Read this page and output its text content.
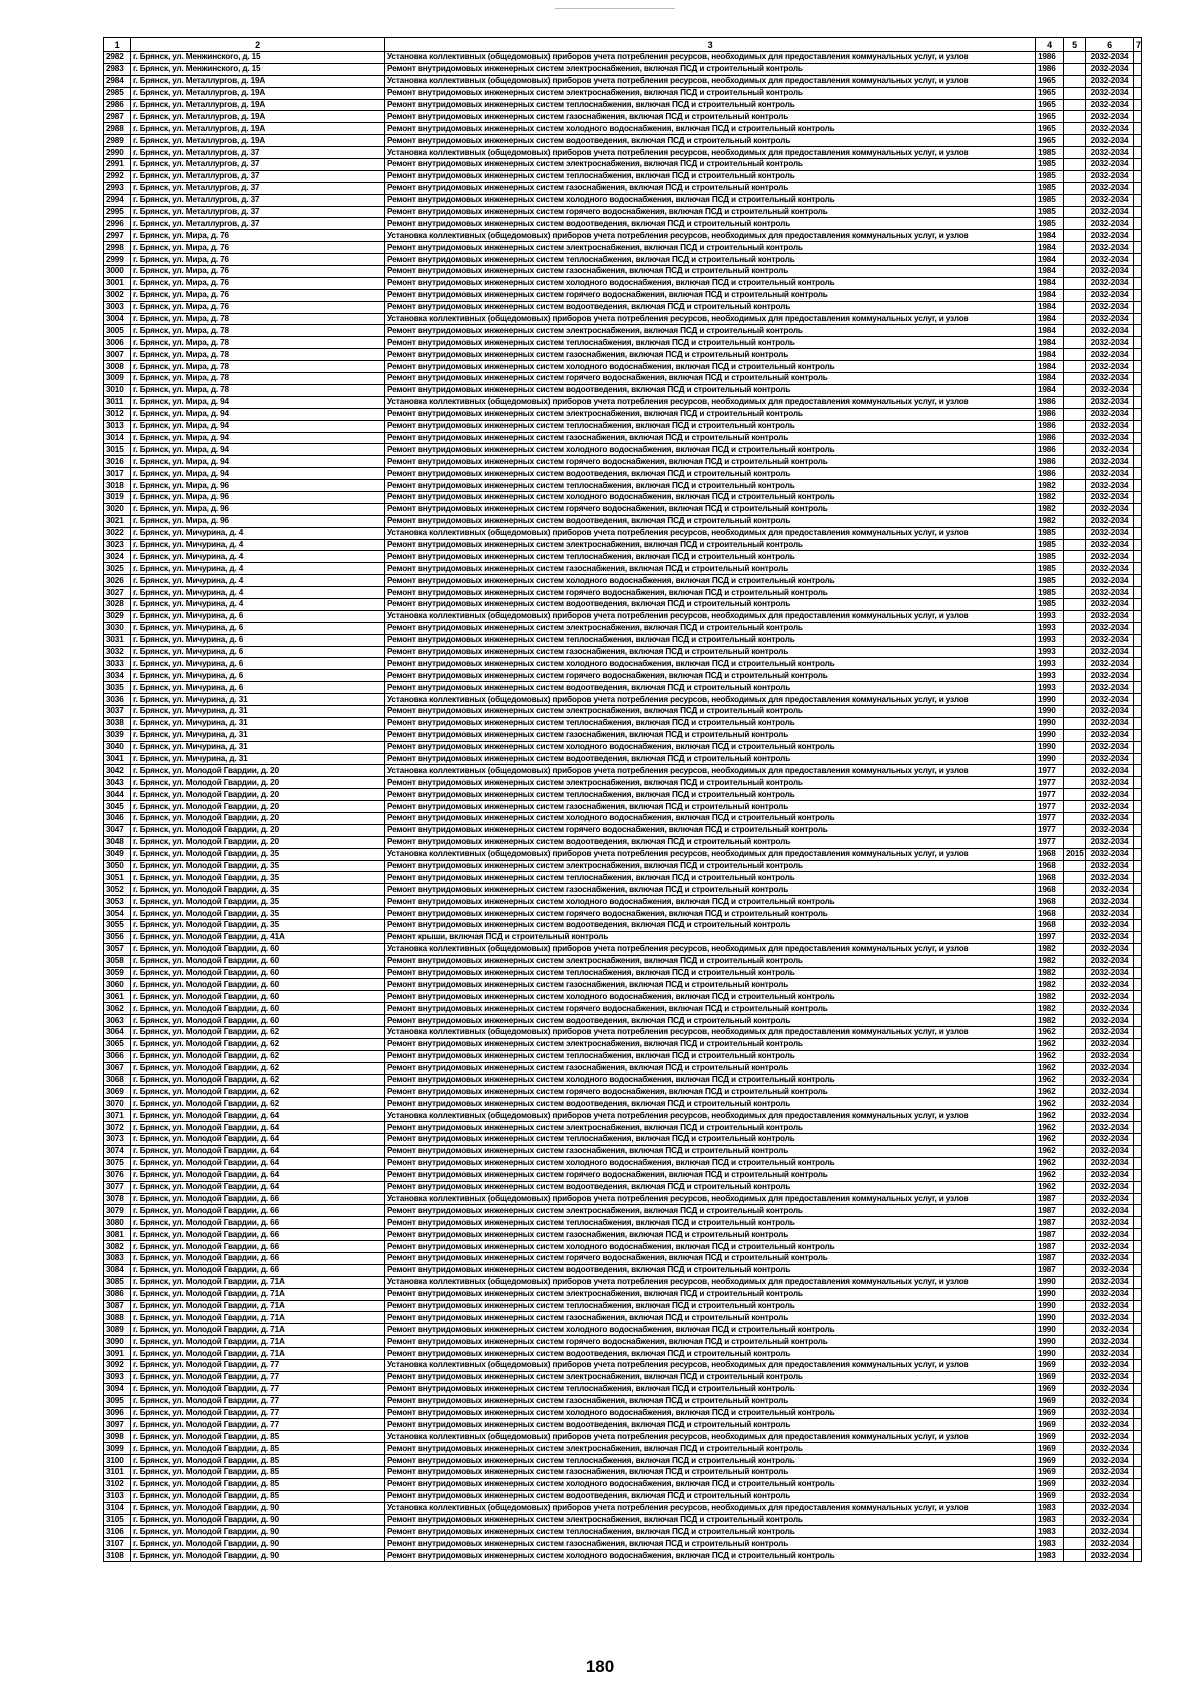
1	2	3	4	5	6	7
2982	г. Брянск, ул. Менжинского, д. 15	Установка коллективных (общедомовых) приборов учета потребления ресурсов, необходимых для предоставления коммунальных услуг, и узлов	1986		2032-2034	
2983	г. Брянск, ул. Менжинского, д. 15	Ремонт внутридомовых инженерных систем электроснабжения, включая ПСД и строительный контроль	1986		2032-2034	
2984	г. Брянск, ул. Металлургов, д. 19А	Установка коллективных (общедомовых) приборов учета потребления ресурсов, необходимых для предоставления коммунальных услуг, и узлов	1965		2032-2034	
2985	г. Брянск, ул. Металлургов, д. 19А	Ремонт внутридомовых инженерных систем электроснабжения, включая ПСД и строительный контроль	1965		2032-2034	
2986	г. Брянск, ул. Металлургов, д. 19А	Ремонт внутридомовых инженерных систем теплоснабжения, включая ПСД и строительный контроль	1965		2032-2034	
2987	г. Брянск, ул. Металлургов, д. 19А	Ремонт внутридомовых инженерных систем газоснабжения, включая ПСД и строительный контроль	1965		2032-2034	
2988	г. Брянск, ул. Металлургов, д. 19А	Ремонт внутридомовых инженерных систем холодного водоснабжения, включая ПСД и строительный контроль	1965		2032-2034	
2989	г. Брянск, ул. Металлургов, д. 19А	Ремонт внутридомовых инженерных систем водоотведения, включая ПСД и строительный контроль	1965		2032-2034	
2990	г. Брянск, ул. Металлургов, д. 37	Установка коллективных (общедомовых) приборов учета потребления ресурсов, необходимых для предоставления коммунальных услуг, и узлов	1985		2032-2034	
2991	г. Брянск, ул. Металлургов, д. 37	Ремонт внутридомовых инженерных систем электроснабжения, включая ПСД и строительный контроль	1985		2032-2034	
2992	г. Брянск, ул. Металлургов, д. 37	Ремонт внутридомовых инженерных систем теплоснабжения, включая ПСД и строительный контроль	1985		2032-2034	
2993	г. Брянск, ул. Металлургов, д. 37	Ремонт внутридомовых инженерных систем газоснабжения, включая ПСД и строительный контроль	1985		2032-2034	
2994	г. Брянск, ул. Металлургов, д. 37	Ремонт внутридомовых инженерных систем холодного водоснабжения, включая ПСД и строительный контроль	1985		2032-2034	
2995	г. Брянск, ул. Металлургов, д. 37	Ремонт внутридомовых инженерных систем горячего водоснабжения, включая ПСД и строительный контроль	1985		2032-2034	
2996	г. Брянск, ул. Металлургов, д. 37	Ремонт внутридомовых инженерных систем водоотведения, включая ПСД и строительный контроль	1985		2032-2034	
2997	г. Брянск, ул. Мира, д. 76	Установка коллективных (общедомовых) приборов учета потребления ресурсов, необходимых для предоставления коммунальных услуг, и узлов	1984		2032-2034	
2998	г. Брянск, ул. Мира, д. 76	Ремонт внутридомовых инженерных систем электроснабжения, включая ПСД и строительный контроль	1984		2032-2034	
2999	г. Брянск, ул. Мира, д. 76	Ремонт внутридомовых инженерных систем теплоснабжения, включая ПСД и строительный контроль	1984		2032-2034	
3000	г. Брянск, ул. Мира, д. 76	Ремонт внутридомовых инженерных систем газоснабжения, включая ПСД и строительный контроль	1984		2032-2034	
3001	г. Брянск, ул. Мира, д. 76	Ремонт внутридомовых инженерных систем холодного водоснабжения, включая ПСД и строительный контроль	1984		2032-2034	
3002	г. Брянск, ул. Мира, д. 76	Ремонт внутридомовых инженерных систем горячего водоснабжения, включая ПСД и строительный контроль	1984		2032-2034	
3003	г. Брянск, ул. Мира, д. 76	Ремонт внутридомовых инженерных систем водоотведения, включая ПСД и строительный контроль	1984		2032-2034	
3004	г. Брянск, ул. Мира, д. 78	Установка коллективных (общедомовых) приборов учета потребления ресурсов, необходимых для предоставления коммунальных услуг, и узлов	1984		2032-2034	
3005	г. Брянск, ул. Мира, д. 78	Ремонт внутридомовых инженерных систем электроснабжения, включая ПСД и строительный контроль	1984		2032-2034	
3006	г. Брянск, ул. Мира, д. 78	Ремонт внутридомовых инженерных систем теплоснабжения, включая ПСД и строительный контроль	1984		2032-2034	
3007	г. Брянск, ул. Мира, д. 78	Ремонт внутридомовых инженерных систем газоснабжения, включая ПСД и строительный контроль	1984		2032-2034	
3008	г. Брянск, ул. Мира, д. 78	Ремонт внутридомовых инженерных систем холодного водоснабжения, включая ПСД и строительный контроль	1984		2032-2034	
3009	г. Брянск, ул. Мира, д. 78	Ремонт внутридомовых инженерных систем горячего водоснабжения, включая ПСД и строительный контроль	1984		2032-2034	
3010	г. Брянск, ул. Мира, д. 78	Ремонт внутридомовых инженерных систем водоотведения, включая ПСД и строительный контроль	1984		2032-2034	
3011	г. Брянск, ул. Мира, д. 94	Установка коллективных (общедомовых) приборов учета потребления ресурсов, необходимых для предоставления коммунальных услуг, и узлов	1986		2032-2034	
3012	г. Брянск, ул. Мира, д. 94	Ремонт внутридомовых инженерных систем электроснабжения, включая ПСД и строительный контроль	1986		2032-2034	
3013	г. Брянск, ул. Мира, д. 94	Ремонт внутридомовых инженерных систем теплоснабжения, включая ПСД и строительный контроль	1986		2032-2034	
3014	г. Брянск, ул. Мира, д. 94	Ремонт внутридомовых инженерных систем газоснабжения, включая ПСД и строительный контроль	1986		2032-2034	
3015	г. Брянск, ул. Мира, д. 94	Ремонт внутридомовых инженерных систем холодного водоснабжения, включая ПСД и строительный контроль	1986		2032-2034	
3016	г. Брянск, ул. Мира, д. 94	Ремонт внутридомовых инженерных систем горячего водоснабжения, включая ПСД и строительный контроль	1986		2032-2034	
3017	г. Брянск, ул. Мира, д. 94	Ремонт внутридомовых инженерных систем водоотведения, включая ПСД и строительный контроль	1986		2032-2034	
3018	г. Брянск, ул. Мира, д. 96	Ремонт внутридомовых инженерных систем теплоснабжения, включая ПСД и строительный контроль	1982		2032-2034	
3019	г. Брянск, ул. Мира, д. 96	Ремонт внутридомовых инженерных систем холодного водоснабжения, включая ПСД и строительный контроль	1982		2032-2034	
3020	г. Брянск, ул. Мира, д. 96	Ремонт внутридомовых инженерных систем горячего водоснабжения, включая ПСД и строительный контроль	1982		2032-2034	
3021	г. Брянск, ул. Мира, д. 96	Ремонт внутридомовых инженерных систем водоотведения, включая ПСД и строительный контроль	1982		2032-2034	
3022	г. Брянск, ул. Мичурина, д. 4	Установка коллективных (общедомовых) приборов учета потребления ресурсов, необходимых для предоставления коммунальных услуг, и узлов	1985		2032-2034	
3023	г. Брянск, ул. Мичурина, д. 4	Ремонт внутридомовых инженерных систем электроснабжения, включая ПСД и строительный контроль	1985		2032-2034	
3024	г. Брянск, ул. Мичурина, д. 4	Ремонт внутридомовых инженерных систем теплоснабжения, включая ПСД и строительный контроль	1985		2032-2034	
3025	г. Брянск, ул. Мичурина, д. 4	Ремонт внутридомовых инженерных систем газоснабжения, включая ПСД и строительный контроль	1985		2032-2034	
3026	г. Брянск, ул. Мичурина, д. 4	Ремонт внутридомовых инженерных систем холодного водоснабжения, включая ПСД и строительный контроль	1985		2032-2034	
3027	г. Брянск, ул. Мичурина, д. 4	Ремонт внутридомовых инженерных систем горячего водоснабжения, включая ПСД и строительный контроль	1985		2032-2034	
3028	г. Брянск, ул. Мичурина, д. 4	Ремонт внутридомовых инженерных систем водоотведения, включая ПСД и строительный контроль	1985		2032-2034	
3029	г. Брянск, ул. Мичурина, д. 6	Установка коллективных (общедомовых) приборов учета потребления ресурсов, необходимых для предоставления коммунальных услуг, и узлов	1993		2032-2034	
3030	г. Брянск, ул. Мичурина, д. 6	Ремонт внутридомовых инженерных систем электроснабжения, включая ПСД и строительный контроль	1993		2032-2034	
3031	г. Брянск, ул. Мичурина, д. 6	Ремонт внутридомовых инженерных систем теплоснабжения, включая ПСД и строительный контроль	1993		2032-2034	
3032	г. Брянск, ул. Мичурина, д. 6	Ремонт внутридомовых инженерных систем газоснабжения, включая ПСД и строительный контроль	1993		2032-2034	
3033	г. Брянск, ул. Мичурина, д. 6	Ремонт внутридомовых инженерных систем холодного водоснабжения, включая ПСД и строительный контроль	1993		2032-2034	
3034	г. Брянск, ул. Мичурина, д. 6	Ремонт внутридомовых инженерных систем горячего водоснабжения, включая ПСД и строительный контроль	1993		2032-2034	
3035	г. Брянск, ул. Мичурина, д. 6	Ремонт внутридомовых инженерных систем водоотведения, включая ПСД и строительный контроль	1993		2032-2034	
3036	г. Брянск, ул. Мичурина, д. 31	Установка коллективных (общедомовых) приборов учета потребления ресурсов, необходимых для предоставления коммунальных услуг, и узлов	1990		2032-2034	
3037	г. Брянск, ул. Мичурина, д. 31	Ремонт внутридомовых инженерных систем электроснабжения, включая ПСД и строительный контроль	1990		2032-2034	
3038	г. Брянск, ул. Мичурина, д. 31	Ремонт внутридомовых инженерных систем теплоснабжения, включая ПСД и строительный контроль	1990		2032-2034	
3039	г. Брянск, ул. Мичурина, д. 31	Ремонт внутридомовых инженерных систем газоснабжения, включая ПСД и строительный контроль	1990		2032-2034	
3040	г. Брянск, ул. Мичурина, д. 31	Ремонт внутридомовых инженерных систем холодного водоснабжения, включая ПСД и строительный контроль	1990		2032-2034	
3041	г. Брянск, ул. Мичурина, д. 31	Ремонт внутридомовых инженерных систем водоотведения, включая ПСД и строительный контроль	1990		2032-2034	
3042	г. Брянск, ул. Молодой Гвардии, д. 20	Установка коллективных (общедомовых) приборов учета потребления ресурсов, необходимых для предоставления коммунальных услуг, и узлов	1977		2032-2034	
3043	г. Брянск, ул. Молодой Гвардии, д. 20	Ремонт внутридомовых инженерных систем электроснабжения, включая ПСД и строительный контроль	1977		2032-2034	
3044	г. Брянск, ул. Молодой Гвардии, д. 20	Ремонт внутридомовых инженерных систем теплоснабжения, включая ПСД и строительный контроль	1977		2032-2034	
3045	г. Брянск, ул. Молодой Гвардии, д. 20	Ремонт внутридомовых инженерных систем газоснабжения, включая ПСД и строительный контроль	1977		2032-2034	
3046	г. Брянск, ул. Молодой Гвардии, д. 20	Ремонт внутридомовых инженерных систем холодного водоснабжения, включая ПСД и строительный контроль	1977		2032-2034	
3047	г. Брянск, ул. Молодой Гвардии, д. 20	Ремонт внутридомовых инженерных систем горячего водоснабжения, включая ПСД и строительный контроль	1977		2032-2034	
3048	г. Брянск, ул. Молодой Гвардии, д. 20	Ремонт внутридомовых инженерных систем водоотведения, включая ПСД и строительный контроль	1977		2032-2034	
3049	г. Брянск, ул. Молодой Гвардии, д. 35	Установка коллективных (общедомовых) приборов учета потребления ресурсов, необходимых для предоставления коммунальных услуг, и узлов	1968	2015	2032-2034	
3050	г. Брянск, ул. Молодой Гвардии, д. 35	Ремонт внутридомовых инженерных систем электроснабжения, включая ПСД и строительный контроль	1968		2032-2034	
3051	г. Брянск, ул. Молодой Гвардии, д. 35	Ремонт внутридомовых инженерных систем теплоснабжения, включая ПСД и строительный контроль	1968		2032-2034	
3052	г. Брянск, ул. Молодой Гвардии, д. 35	Ремонт внутридомовых инженерных систем газоснабжения, включая ПСД и строительный контроль	1968		2032-2034	
3053	г. Брянск, ул. Молодой Гвардии, д. 35	Ремонт внутридомовых инженерных систем холодного водоснабжения, включая ПСД и строительный контроль	1968		2032-2034	
3054	г. Брянск, ул. Молодой Гвардии, д. 35	Ремонт внутридомовых инженерных систем горячего водоснабжения, включая ПСД и строительный контроль	1968		2032-2034	
3055	г. Брянск, ул. Молодой Гвардии, д. 35	Ремонт внутридомовых инженерных систем водоотведения, включая ПСД и строительный контроль	1968		2032-2034	
3056	г. Брянск, ул. Молодой Гвардии, д. 41А	Ремонт крыши, включая ПСД и строительный контроль	1997		2032-2034	
3057	г. Брянск, ул. Молодой Гвардии, д. 60	Установка коллективных (общедомовых) приборов учета потребления ресурсов, необходимых для предоставления коммунальных услуг, и узлов	1982		2032-2034	
3058	г. Брянск, ул. Молодой Гвардии, д. 60	Ремонт внутридомовых инженерных систем электроснабжения, включая ПСД и строительный контроль	1982		2032-2034	
3059	г. Брянск, ул. Молодой Гвардии, д. 60	Ремонт внутридомовых инженерных систем теплоснабжения, включая ПСД и строительный контроль	1982		2032-2034	
3060	г. Брянск, ул. Молодой Гвардии, д. 60	Ремонт внутридомовых инженерных систем газоснабжения, включая ПСД и строительный контроль	1982		2032-2034	
3061	г. Брянск, ул. Молодой Гвардии, д. 60	Ремонт внутридомовых инженерных систем холодного водоснабжения, включая ПСД и строительный контроль	1982		2032-2034	
3062	г. Брянск, ул. Молодой Гвардии, д. 60	Ремонт внутридомовых инженерных систем горячего водоснабжения, включая ПСД и строительный контроль	1982		2032-2034	
3063	г. Брянск, ул. Молодой Гвардии, д. 60	Ремонт внутридомовых инженерных систем водоотведения, включая ПСД и строительный контроль	1982		2032-2034	
3064	г. Брянск, ул. Молодой Гвардии, д. 62	Установка коллективных (общедомовых) приборов учета потребления ресурсов, необходимых для предоставления коммунальных услуг, и узлов	1962		2032-2034	
3065	г. Брянск, ул. Молодой Гвардии, д. 62	Ремонт внутридомовых инженерных систем электроснабжения, включая ПСД и строительный контроль	1962		2032-2034	
3066	г. Брянск, ул. Молодой Гвардии, д. 62	Ремонт внутридомовых инженерных систем теплоснабжения, включая ПСД и строительный контроль	1962		2032-2034	
3067	г. Брянск, ул. Молодой Гвардии, д. 62	Ремонт внутридомовых инженерных систем газоснабжения, включая ПСД и строительный контроль	1962		2032-2034	
3068	г. Брянск, ул. Молодой Гвардии, д. 62	Ремонт внутридомовых инженерных систем холодного водоснабжения, включая ПСД и строительный контроль	1962		2032-2034	
3069	г. Брянск, ул. Молодой Гвардии, д. 62	Ремонт внутридомовых инженерных систем горячего водоснабжения, включая ПСД и строительный контроль	1962		2032-2034	
3070	г. Брянск, ул. Молодой Гвардии, д. 62	Ремонт внутридомовых инженерных систем водоотведения, включая ПСД и строительный контроль	1962		2032-2034	
3071	г. Брянск, ул. Молодой Гвардии, д. 64	Установка коллективных (общедомовых) приборов учета потребления ресурсов, необходимых для предоставления коммунальных услуг, и узлов	1962		2032-2034	
3072	г. Брянск, ул. Молодой Гвардии, д. 64	Ремонт внутридомовых инженерных систем электроснабжения, включая ПСД и строительный контроль	1962		2032-2034	
3073	г. Брянск, ул. Молодой Гвардии, д. 64	Ремонт внутридомовых инженерных систем теплоснабжения, включая ПСД и строительный контроль	1962		2032-2034	
3074	г. Брянск, ул. Молодой Гвардии, д. 64	Ремонт внутридомовых инженерных систем газоснабжения, включая ПСД и строительный контроль	1962		2032-2034	
3075	г. Брянск, ул. Молодой Гвардии, д. 64	Ремонт внутридомовых инженерных систем холодного водоснабжения, включая ПСД и строительный контроль	1962		2032-2034	
3076	г. Брянск, ул. Молодой Гвардии, д. 64	Ремонт внутридомовых инженерных систем горячего водоснабжения, включая ПСД и строительный контроль	1962		2032-2034	
3077	г. Брянск, ул. Молодой Гвардии, д. 64	Ремонт внутридомовых инженерных систем водоотведения, включая ПСД и строительный контроль	1962		2032-2034	
3078	г. Брянск, ул. Молодой Гвардии, д. 66	Установка коллективных (общедомовых) приборов учета потребления ресурсов, необходимых для предоставления коммунальных услуг, и узлов	1987		2032-2034	
3079	г. Брянск, ул. Молодой Гвардии, д. 66	Ремонт внутридомовых инженерных систем электроснабжения, включая ПСД и строительный контроль	1987		2032-2034	
3080	г. Брянск, ул. Молодой Гвардии, д. 66	Ремонт внутридомовых инженерных систем теплоснабжения, включая ПСД и строительный контроль	1987		2032-2034	
3081	г. Брянск, ул. Молодой Гвардии, д. 66	Ремонт внутридомовых инженерных систем газоснабжения, включая ПСД и строительный контроль	1987		2032-2034	
3082	г. Брянск, ул. Молодой Гвардии, д. 66	Ремонт внутридомовых инженерных систем холодного водоснабжения, включая ПСД и строительный контроль	1987		2032-2034	
3083	г. Брянск, ул. Молодой Гвардии, д. 66	Ремонт внутридомовых инженерных систем горячего водоснабжения, включая ПСД и строительный контроль	1987		2032-2034	
3084	г. Брянск, ул. Молодой Гвардии, д. 66	Ремонт внутридомовых инженерных систем водоотведения, включая ПСД и строительный контроль	1987		2032-2034	
3085	г. Брянск, ул. Молодой Гвардии, д. 71А	Установка коллективных (общедомовых) приборов учета потребления ресурсов, необходимых для предоставления коммунальных услуг, и узлов	1990		2032-2034	
3086	г. Брянск, ул. Молодой Гвардии, д. 71А	Ремонт внутридомовых инженерных систем электроснабжения, включая ПСД и строительный контроль	1990		2032-2034	
3087	г. Брянск, ул. Молодой Гвардии, д. 71А	Ремонт внутридомовых инженерных систем теплоснабжения, включая ПСД и строительный контроль	1990		2032-2034	
3088	г. Брянск, ул. Молодой Гвардии, д. 71А	Ремонт внутридомовых инженерных систем газоснабжения, включая ПСД и строительный контроль	1990		2032-2034	
3089	г. Брянск, ул. Молодой Гвардии, д. 71А	Ремонт внутридомовых инженерных систем холодного водоснабжения, включая ПСД и строительный контроль	1990		2032-2034	
3090	г. Брянск, ул. Молодой Гвардии, д. 71А	Ремонт внутридомовых инженерных систем горячего водоснабжения, включая ПСД и строительный контроль	1990		2032-2034	
3091	г. Брянск, ул. Молодой Гвардии, д. 71А	Ремонт внутридомовых инженерных систем водоотведения, включая ПСД и строительный контроль	1990		2032-2034	
3092	г. Брянск, ул. Молодой Гвардии, д. 77	Установка коллективных (общедомовых) приборов учета потребления ресурсов, необходимых для предоставления коммунальных услуг, и узлов	1969		2032-2034	
3093	г. Брянск, ул. Молодой Гвардии, д. 77	Ремонт внутридомовых инженерных систем электроснабжения, включая ПСД и строительный контроль	1969		2032-2034	
3094	г. Брянск, ул. Молодой Гвардии, д. 77	Ремонт внутридомовых инженерных систем теплоснабжения, включая ПСД и строительный контроль	1969		2032-2034	
3095	г. Брянск, ул. Молодой Гвардии, д. 77	Ремонт внутридомовых инженерных систем газоснабжения, включая ПСД и строительный контроль	1969		2032-2034	
3096	г. Брянск, ул. Молодой Гвардии, д. 77	Ремонт внутридомовых инженерных систем холодного водоснабжения, включая ПСД и строительный контроль	1969		2032-2034	
3097	г. Брянск, ул. Молодой Гвардии, д. 77	Ремонт внутридомовых инженерных систем водоотведения, включая ПСД и строительный контроль	1969		2032-2034	
3098	г. Брянск, ул. Молодой Гвардии, д. 85	Установка коллективных (общедомовых) приборов учета потребления ресурсов, необходимых для предоставления коммунальных услуг, и узлов	1969		2032-2034	
3099	г. Брянск, ул. Молодой Гвардии, д. 85	Ремонт внутридомовых инженерных систем электроснабжения, включая ПСД и строительный контроль	1969		2032-2034	
3100	г. Брянск, ул. Молодой Гвардии, д. 85	Ремонт внутридомовых инженерных систем теплоснабжения, включая ПСД и строительный контроль	1969		2032-2034	
3101	г. Брянск, ул. Молодой Гвардии, д. 85	Ремонт внутридомовых инженерных систем газоснабжения, включая ПСД и строительный контроль	1969		2032-2034	
3102	г. Брянск, ул. Молодой Гвардии, д. 85	Ремонт внутридомовых инженерных систем холодного водоснабжения, включая ПСД и строительный контроль	1969		2032-2034	
3103	г. Брянск, ул. Молодой Гвардии, д. 85	Ремонт внутридомовых инженерных систем водоотведения, включая ПСД и строительный контроль	1969		2032-2034	
3104	г. Брянск, ул. Молодой Гвардии, д. 90	Установка коллективных (общедомовых) приборов учета потребления ресурсов, необходимых для предоставления коммунальных услуг, и узлов	1983		2032-2034	
3105	г. Брянск, ул. Молодой Гвардии, д. 90	Ремонт внутридомовых инженерных систем электроснабжения, включая ПСД и строительный контроль	1983		2032-2034	
3106	г. Брянск, ул. Молодой Гвардии, д. 90	Ремонт внутридомовых инженерных систем теплоснабжения, включая ПСД и строительный контроль	1983		2032-2034	
3107	г. Брянск, ул. Молодой Гвардии, д. 90	Ремонт внутридомовых инженерных систем газоснабжения, включая ПСД и строительный контроль	1983		2032-2034	
3108	г. Брянск, ул. Молодой Гвардии, д. 90	Ремонт внутридомовых инженерных систем холодного водоснабжения, включая ПСД и строительный контроль	1983		2032-2034	
180
